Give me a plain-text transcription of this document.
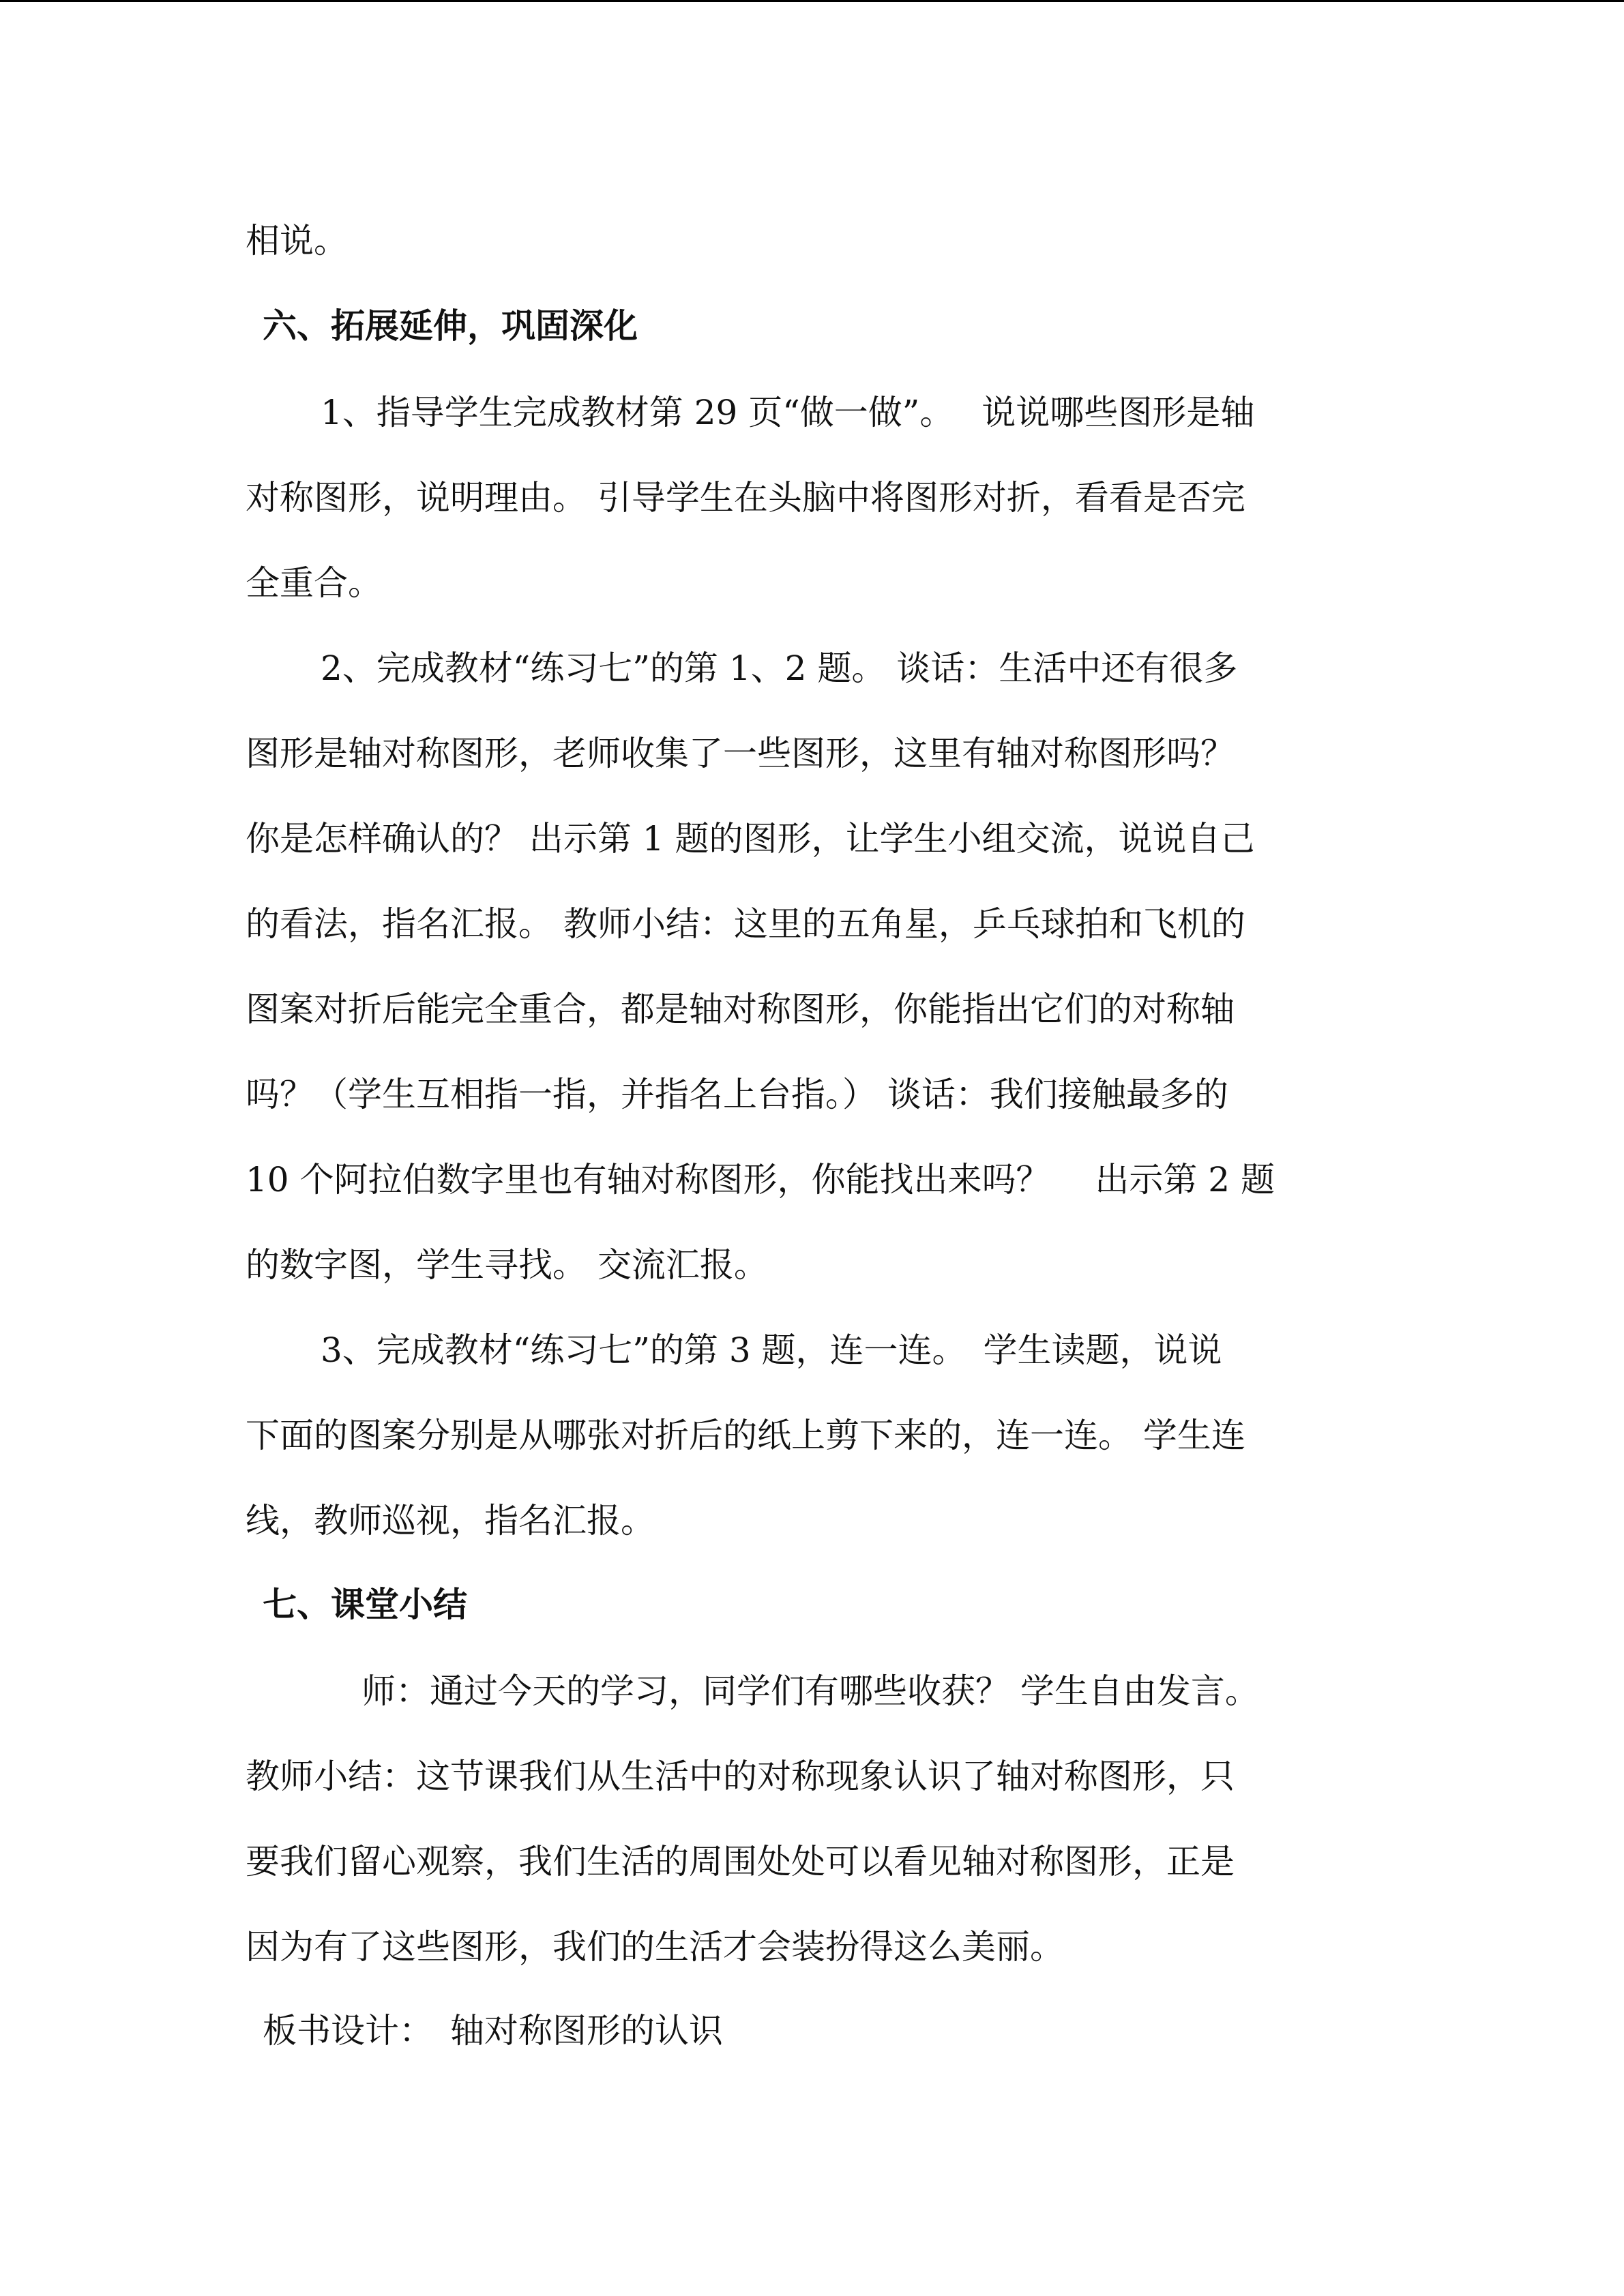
相说。
六、拓展延伸，巩固深化
1、指导学生完成教材第 29 页“做一做”。　 说说哪些图形是轴
对称图形，说明理由。 引导学生在头脑中将图形对折，看看是否完
全重合。
2、完成教材“练习七”的第 1、2 题。 谈话：生活中还有很多
图形是轴对称图形，老师收集了一些图形，这里有轴对称图形吗？
你是怎样确认的？ 出示第 1 题的图形，让学生小组交流，说说自己
的看法，指名汇报。 教师小结：这里的五角星，乒乓球拍和飞机的
图案对折后能完全重合，都是轴对称图形，你能指出它们的对称轴
吗？（学生互相指一指，并指名上台指。） 谈话：我们接触最多的
10 个阿拉伯数字里也有轴对称图形，你能找出来吗？　 出示第 2 题
的数字图，学生寻找。 交流汇报。
3、完成教材“练习七”的第 3 题，连一连。　学生读题，说说
下面的图案分别是从哪张对折后的纸上剪下来的，连一连。 学生连
线，教师巡视，指名汇报。
七、课堂小结
师：通过今天的学习，同学们有哪些收获？ 学生自由发言。
教师小结：这节课我们从生活中的对称现象认识了轴对称图形，只
要我们留心观察，我们生活的周围处处可以看见轴对称图形，正是
因为有了这些图形，我们的生活才会装扮得这么美丽。
板书设计：　轴对称图形的认识
